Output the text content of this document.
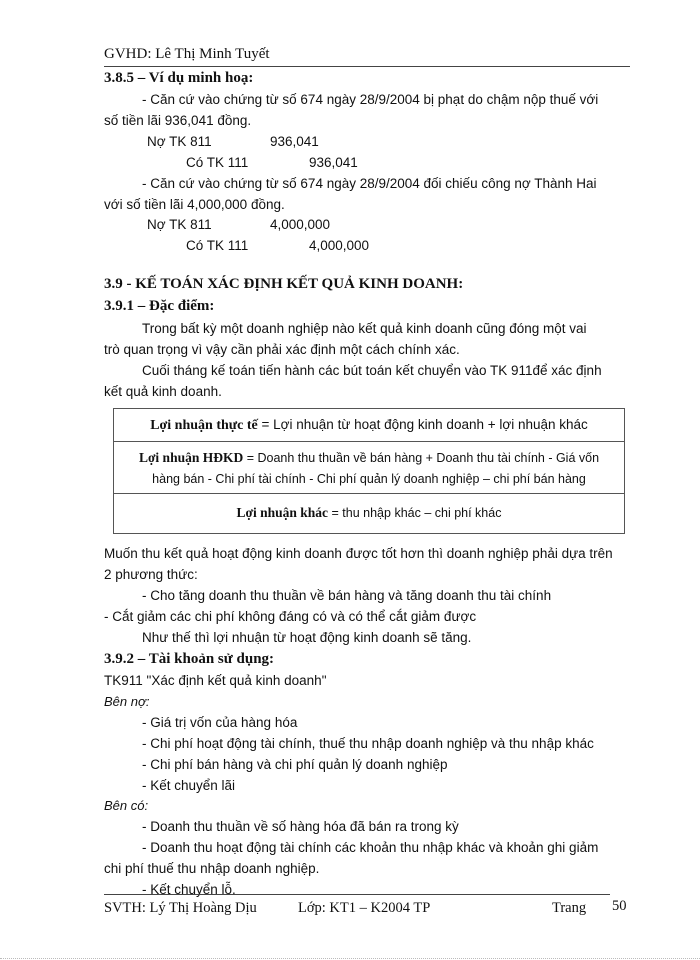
GVHD: Lê Thị Minh Tuyết
3.8.5 – Ví dụ minh hoạ:
- Căn cứ vào chứng từ số 674 ngày 28/9/2004 bị phạt do chậm nộp thuế với
số tiền lãi 936,041 đồng.
Nợ TK 811	936,041
Có TK 111	936,041
- Căn cứ vào chứng từ số 674 ngày 28/9/2004 đối chiếu công nợ Thành Hai
với số tiền lãi 4,000,000 đồng.
Nợ TK 811	4,000,000
Có TK 111	4,000,000
3.9 - KẾ TOÁN XÁC ĐỊNH KẾT QUẢ KINH DOANH:
3.9.1 – Đặc điểm:
Trong bất kỳ một doanh nghiệp nào kết quả kinh doanh cũng đóng một vai
trò quan trọng vì vậy cần phải xác định một cách chính xác.
Cuối tháng kế toán tiến hành các bút toán kết chuyển vào TK 911để xác định
kết quả kinh doanh.
Lợi nhuận thực tế = Lợi nhuận từ hoạt động kinh doanh + lợi nhuận khác
Lợi nhuận HĐKD = Doanh thu thuần về bán hàng + Doanh thu tài chính - Giá vốn
hàng bán - Chi phí tài chính - Chi phí quản lý doanh nghiệp – chi phí bán hàng
Lợi nhuận khác = thu nhập khác – chi phí khác
Muốn thu kết quả hoạt động kinh doanh được tốt hơn thì doanh nghiệp phải dựa trên
2 phương thức:
- Cho tăng doanh thu thuần về bán hàng và tăng doanh thu tài chính
- Cắt giảm các chi phí không đáng có và có thể cắt giảm được
Như thế thì lợi nhuận từ hoạt động kinh doanh sẽ tăng.
3.9.2 – Tài khoản sử dụng:
TK911 "Xác định kết quả kinh doanh"
Bên nợ:
- Giá trị vốn của hàng hóa
- Chi phí hoạt động tài chính, thuế thu nhập doanh nghiệp và thu nhập khác
- Chi phí bán hàng và chi phí quản lý doanh nghiệp
- Kết chuyển lãi
Bên có:
- Doanh thu thuần về số hàng hóa đã bán ra trong kỳ
- Doanh thu hoạt động tài chính các khoản thu nhập khác và khoản ghi giảm
chi phí thuế thu nhập doanh nghiệp.
- Kết chuyển lỗ.
SVTH: Lý Thị Hoàng Dịu	Lớp: KT1 – K2004 TP	Trang 50
